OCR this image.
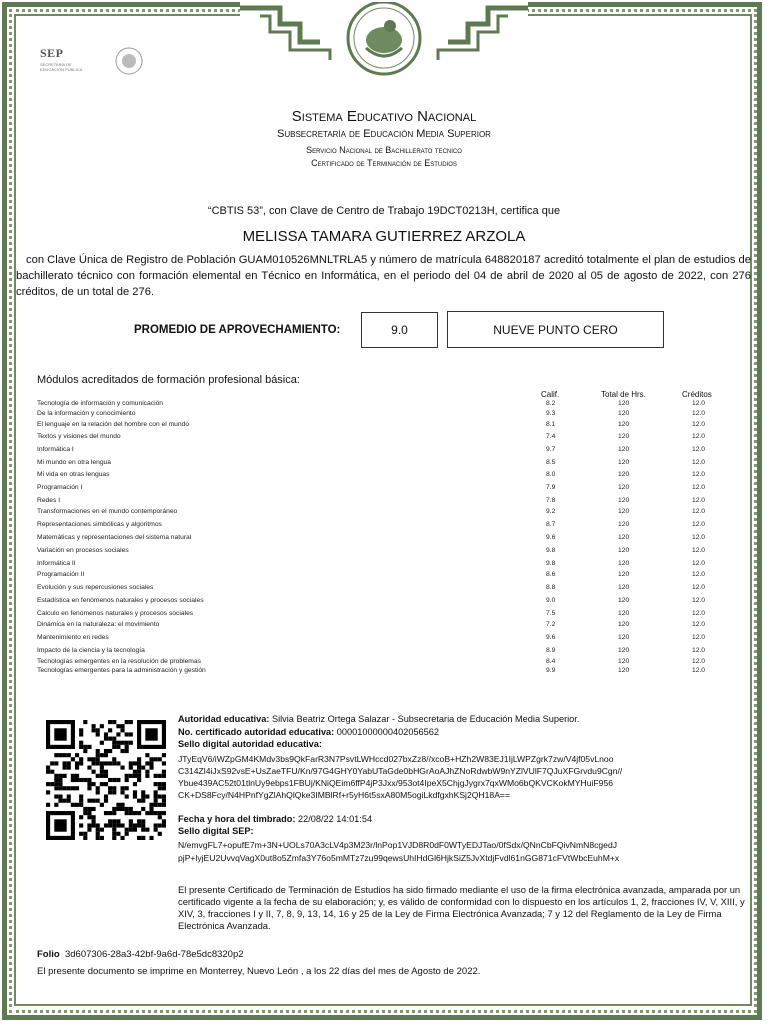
SEP
SECRETARÍA DE EDUCACIÓN PÚBLICA
Sistema Educativo Nacional
Subsecretaría de Educación Media Superior
Servicio Nacional de Bachillerato tecnico
Certificado de Terminación de Estudios
“CBTIS 53”, con Clave de Centro de Trabajo 19DCT0213H, certifica que
MELISSA TAMARA GUTIERREZ ARZOLA
con Clave Única de Registro de Población GUAM010526MNLTRLA5 y número de matrícula 648820187 acreditó totalmente el plan de estudios de bachillerato técnico con formación elemental en Técnico en Informática, en el periodo del 04 de abril de 2020 al 05 de agosto de 2022, con 276 créditos, de un total de 276.
PROMEDIO DE APROVECHAMIENTO:	9.0	NUEVE PUNTO CERO
Módulos acreditados de formación profesional básica:
Calif.	Total de Hrs.	Créditos
Tecnología de información y comunicación	8.2	120	12.0
De la información y conocimiento	9.3	120	12.0
El lenguaje en la relación del hombre con el mundo	8.1	120	12.0
Textos y visiones del mundo	7.4	120	12.0
Informática I	9.7	120	12.0
Mi mundo en otra lengua	8.5	120	12.0
Mi vida en otras lenguas	8.0	120	12.0
Programación I	7.9	120	12.0
Redes I	7.8	120	12.0
Transformaciones en el mundo contemporáneo	9.2	120	12.0
Representaciones simbólicas y algoritmos	8.7	120	12.0
Matemáticas y representaciones del sistema natural	9.6	120	12.0
Variación en procesos sociales	9.8	120	12.0
Informática II	9.8	120	12.0
Programación II	8.6	120	12.0
Evolución y sus repercusiones sociales	8.8	120	12.0
Estadística en fenómenos naturales y procesos sociales	9.0	120	12.0
Calculo en fenómenos naturales y procesos sociales	7.5	120	12.0
Dinámica en la naturaleza: el movimiento	7.2	120	12.0
Mantenimiento en redes	9.6	120	12.0
Impacto de la ciencia y la tecnología	8.9	120	12.0
Tecnologías emergentes en la resolución de problemas	8.4	120	12.0
Tecnologías emergentes para la administración y gestión	9.9	120	12.0
Autoridad educativa: Silvia Beatriz Ortega Salazar - Subsecretaria de Educación Media Superior.
No. certificado autoridad educativa: 00001000000402056562
Sello digital autoridad educativa:
JTyEqV6/iWZpGM4KMdv3bs9QkFarR3N7PsvtLWHccd027bxZz8//xcoB+HZh2W83EJ1IjLWPZgrk7zw/V4jf05vLnoo
C314Zl4iJxS92vsE+UsZaeTFU/Kn/97G4GHY0YabUTaGde0bHGrAoAJhZNoRdwbW9nYZlVUlF7QJuXFGrvdu9Cgn//
Ybue439AC52t01tlnUy9ebps1FBUj/KNiQEim6ffP4jP3Jxx/953ot4IpeX5ChjgJygrx7qxWMo6bQKVCKokMYHuiF956
CK+DS8Fcy/N4HPnfYgZlAhQlQke3IMBlRf+r5yH6t5sxA80M5ogiLkdfgxhKSj2QH18A==
Fecha y hora del timbrado: 22/08/22 14:01:54
Sello digital SEP:
N/emvgFL7+opufE7m+3N+UOLs70A3cLV4p3M23r/lnPop1VJD8R0dF0WTyEDJTao/0fSdx/QNnCbFQivNmN8cgedJ
pjP+lyjEU2UvvqVagX0ut8o5Zmfa3Y76o5mMTz7zu99qewsUhIHdGl6HjkSiZ5JvXtdjFvdl61nGG871cFVtWbcEuhM+x
El presente Certificado de Terminación de Estudios ha sido firmado mediante el uso de la firma electrónica avanzada, amparada por un certificado vigente a la fecha de su elaboración; y, es válido de conformidad con lo dispuesto en los artículos 1, 2, fracciones IV, V, XIII, y XIV, 3, fracciones I y II, 7, 8, 9, 13, 14, 16 y 25 de la Ley de Firma Electrónica Avanzada; 7 y 12 del Reglamento de la Ley de Firma Electrónica Avanzada.
Folio 3d607306-28a3-42bf-9a6d-78e5dc8320p2
El presente documento se imprime en Monterrey, Nuevo León , a los 22 días del mes de Agosto de 2022.
